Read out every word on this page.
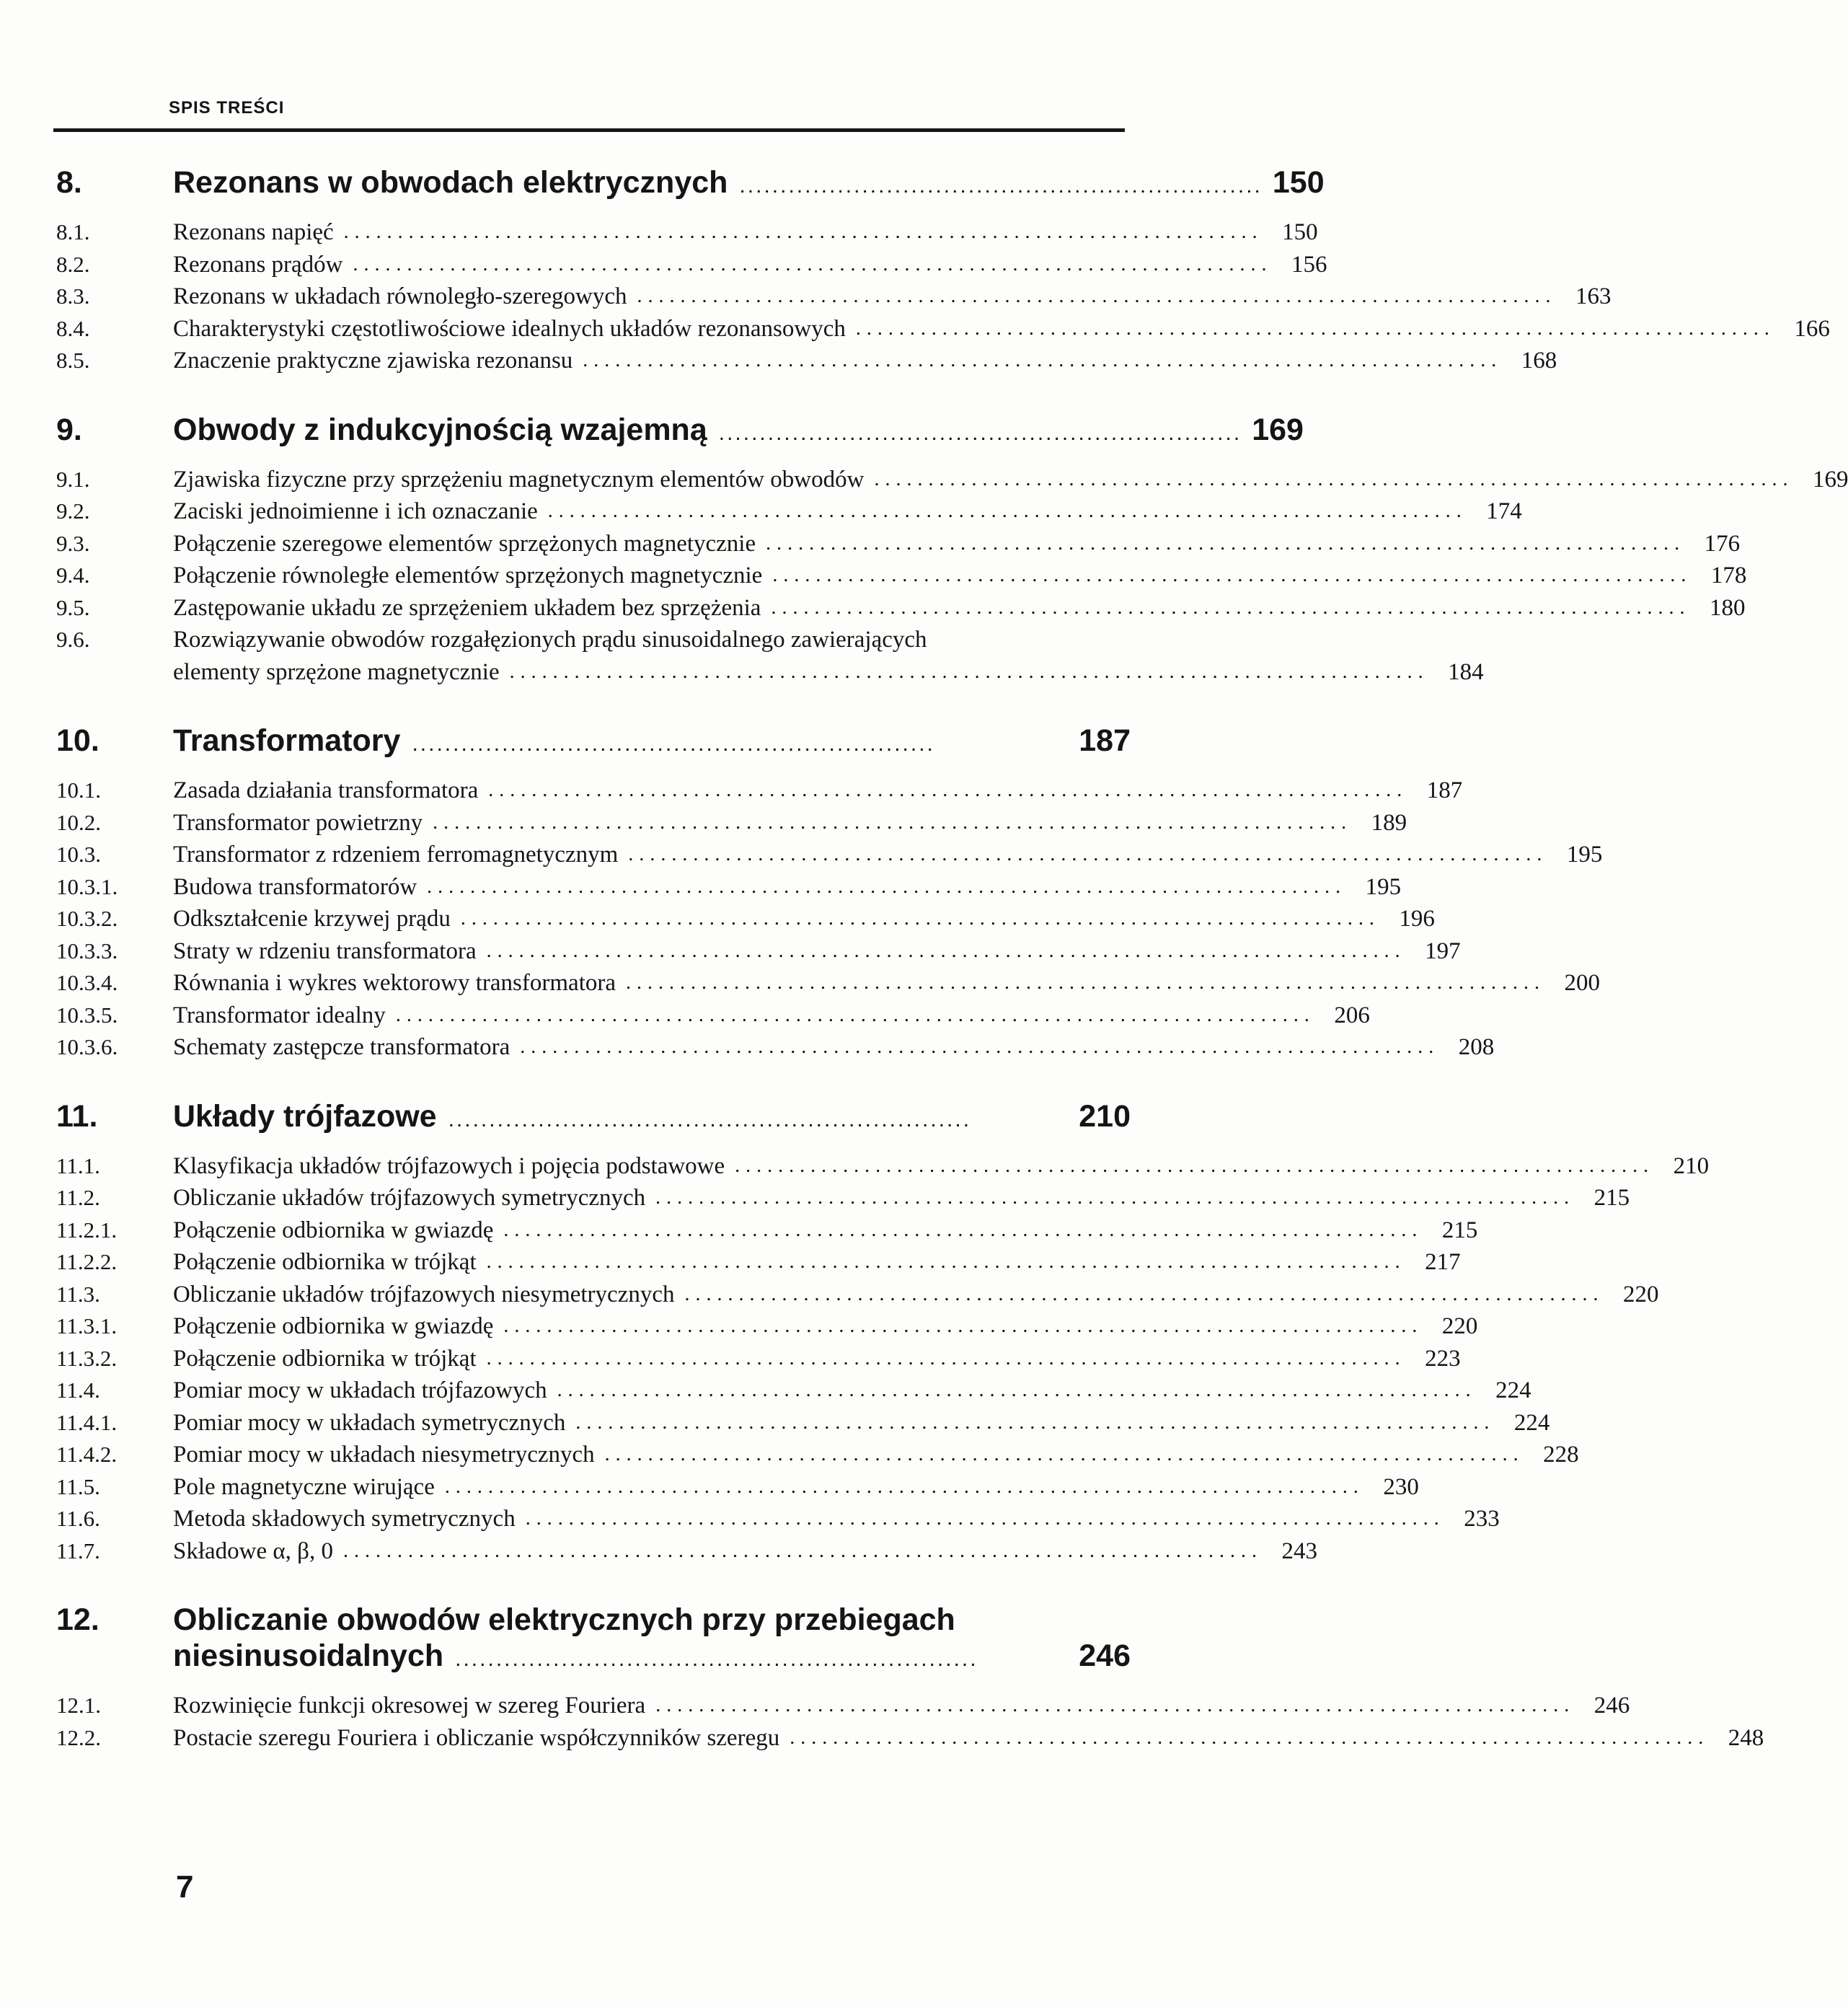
SPIS TREŚCI
8.	Rezonans w obwodach elektrycznych ................................................................ 150
8.1.	Rezonans napięć ..................................................................................... 150
8.2.	Rezonans prądów ..................................................................................... 156
8.3.	Rezonans w układach równoległo-szeregowych ..................................................................................... 163
8.4.	Charakterystyki częstotliwościowe idealnych układów rezonansowych ..................................................................................... 166
8.5.	Znaczenie praktyczne zjawiska rezonansu ..................................................................................... 168
9.	Obwody z indukcyjnością wzajemną ................................................................ 169
9.1.	Zjawiska fizyczne przy sprzężeniu magnetycznym elementów obwodów ..................................................................................... 169
9.2.	Zaciski jednoimienne i ich oznaczanie ..................................................................................... 174
9.3.	Połączenie szeregowe elementów sprzężonych magnetycznie ..................................................................................... 176
9.4.	Połączenie równoległe elementów sprzężonych magnetycznie ..................................................................................... 178
9.5.	Zastępowanie układu ze sprzężeniem układem bez sprzężenia ..................................................................................... 180
9.6.	Rozwiązywanie obwodów rozgałęzionych prądu sinusoidalnego zawierających
elementy sprzężone magnetycznie ..................................................................................... 184
10.	Transformatory ................................................................	187
10.1.	Zasada działania transformatora ..................................................................................... 187
10.2.	Transformator powietrzny ..................................................................................... 189
10.3.	Transformator z rdzeniem ferromagnetycznym ..................................................................................... 195
10.3.1.	Budowa transformatorów ..................................................................................... 195
10.3.2.	Odkształcenie krzywej prądu ..................................................................................... 196
10.3.3.	Straty w rdzeniu transformatora ..................................................................................... 197
10.3.4.	Równania i wykres wektorowy transformatora ..................................................................................... 200
10.3.5.	Transformator idealny ..................................................................................... 206
10.3.6.	Schematy zastępcze transformatora ..................................................................................... 208
11.	Układy trójfazowe ................................................................	210
11.1.	Klasyfikacja układów trójfazowych i pojęcia podstawowe ..................................................................................... 210
11.2.	Obliczanie układów trójfazowych symetrycznych ..................................................................................... 215
11.2.1.	Połączenie odbiornika w gwiazdę ..................................................................................... 215
11.2.2.	Połączenie odbiornika w trójkąt ..................................................................................... 217
11.3.	Obliczanie układów trójfazowych niesymetrycznych ..................................................................................... 220
11.3.1.	Połączenie odbiornika w gwiazdę ..................................................................................... 220
11.3.2.	Połączenie odbiornika w trójkąt ..................................................................................... 223
11.4.	Pomiar mocy w układach trójfazowych ..................................................................................... 224
11.4.1.	Pomiar mocy w układach symetrycznych ..................................................................................... 224
11.4.2.	Pomiar mocy w układach niesymetrycznych ..................................................................................... 228
11.5.	Pole magnetyczne wirujące ..................................................................................... 230
11.6.	Metoda składowych symetrycznych ..................................................................................... 233
11.7.	Składowe α, β, 0 ..................................................................................... 243
12.	Obliczanie obwodów elektrycznych przy przebiegach
niesinusoidalnych ................................................................	246
12.1.	Rozwinięcie funkcji okresowej w szereg Fouriera ..................................................................................... 246
12.2.	Postacie szeregu Fouriera i obliczanie współczynników szeregu ..................................................................................... 248
7
